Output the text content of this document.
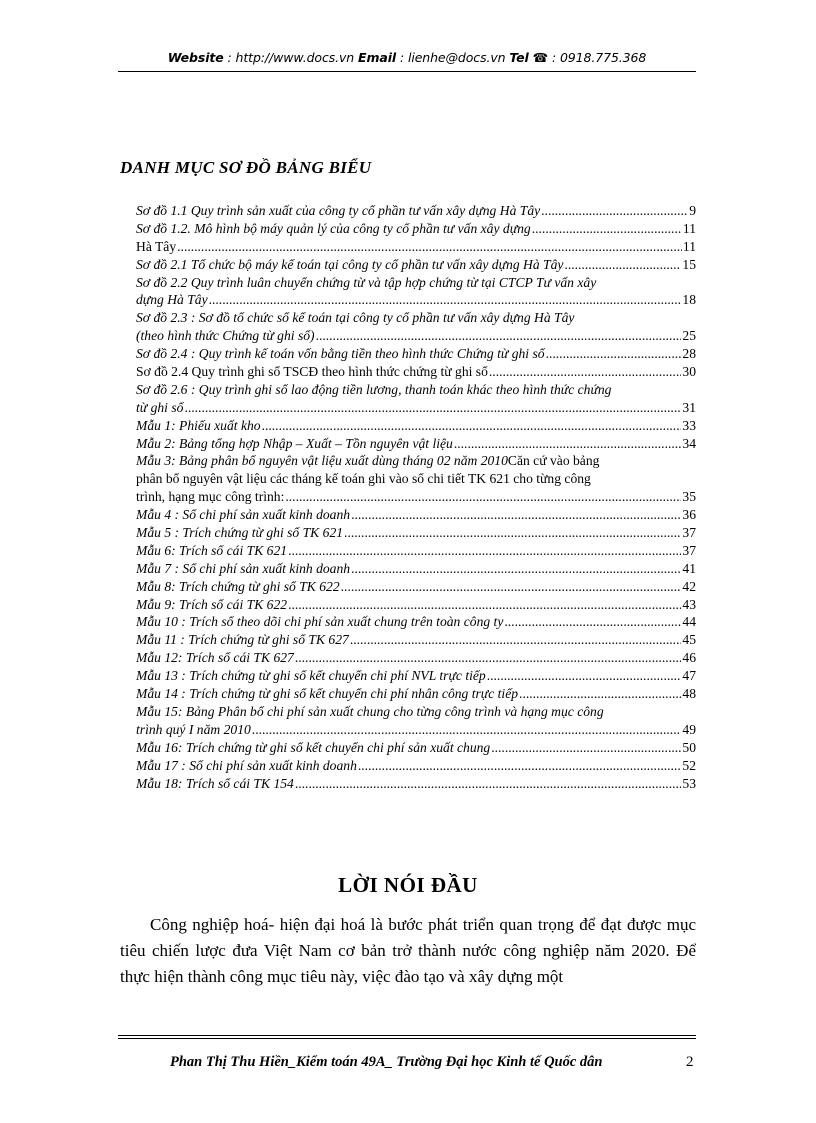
Website : http://www.docs.vn Email : lienhe@docs.vn Tel ☎ : 0918.775.368
DANH MỤC SƠ ĐỒ BẢNG BIỂU
Sơ đồ 1.1 Quy trình sản xuất của công ty cổ phần tư vấn xây dựng Hà Tây .....	9
Sơ đồ 1.2. Mô hình bộ máy quản lý của công ty cổ phần tư vấn xây dựng .....	11
Hà Tây .....	11
Sơ đồ 2.1 Tổ chức bộ máy kế toán tại công ty cổ phần tư vấn xây dựng Hà Tây .....	15
Sơ đồ 2.2 Quy trình luân chuyển chứng từ và tập hợp chứng từ tại CTCP Tư vấn xây
dựng Hà Tây .....	18
Sơ đồ 2.3 : Sơ đồ tổ chức sổ kế toán tại công ty cổ phần tư vấn xây dựng Hà Tây
(theo hình thức Chứng từ ghi sổ) .....	25
Sơ đồ 2.4 : Quy trình kế toán vốn bằng tiền theo hình thức Chứng từ ghi sổ .....	28
Sơ đồ 2.4 Quy trình ghi sổ TSCĐ theo hình thức chứng từ ghi sổ .....	30
Sơ đồ 2.6 : Quy trình ghi sổ lao động tiền lương, thanh toán khác theo hình thức chứng
từ ghi sổ .....	31
Mẫu 1: Phiếu xuất kho .....	33
Mẫu 2: Bảng tổng hợp Nhập – Xuất – Tồn nguyên vật liệu .....	34
Mẫu 3: Bảng phân bổ nguyên vật liệu xuất dùng tháng 02 năm 2010 Căn cứ vào bảng
phân bổ nguyên vật liệu các tháng kế toán ghi vào sổ chi tiết TK 621 cho từng công
trình, hạng mục công trình: .....	35
Mẫu 4 : Sổ chi phí sản xuất kinh doanh .....	36
Mẫu 5 : Trích chứng từ ghi sổ TK 621 .....	37
Mẫu 6: Trích sổ cái TK 621 .....	37
Mẫu 7 : Sổ chi phí sản xuất kinh doanh .....	41
Mẫu 8: Trích chứng từ ghi sổ TK 622 .....	42
Mẫu 9: Trích sổ cái TK 622 .....	43
Mẫu 10 : Trích sổ theo dõi chi phí sản xuất chung trên toàn công ty .....	44
Mẫu 11 : Trích chứng từ ghi sổ TK 627 .....	45
Mẫu 12: Trích sổ cái TK 627 .....	46
Mẫu 13 : Trích chứng từ ghi sổ kết chuyển chi phí NVL trực tiếp .....	47
Mẫu 14 : Trích chứng từ ghi sổ kết chuyển chi phí nhân công trực tiếp .....	48
Mẫu 15: Bảng Phân bổ chi phí sản xuất chung cho từng công trình và hạng mục công
trình quý I năm 2010 .....	49
Mẫu 16: Trích chứng từ ghi sổ kết chuyển chi phí sản xuất chung .....	50
Mẫu 17 : Sổ chi phí sản xuất kinh doanh .....	52
Mẫu 18: Trích sổ cái TK 154 .....	53
LỜI NÓI ĐẦU

Công nghiệp hoá- hiện đại hoá là bước phát triển quan trọng để đạt được mục tiêu chiến lược đưa Việt Nam cơ bản trở thành nước công nghiệp năm 2020. Để thực hiện thành công mục tiêu này, việc đào tạo và xây dựng một

Phan Thị Thu Hiền_Kiểm toán 49A_ Trường Đại học Kinh tế Quốc dân	2
